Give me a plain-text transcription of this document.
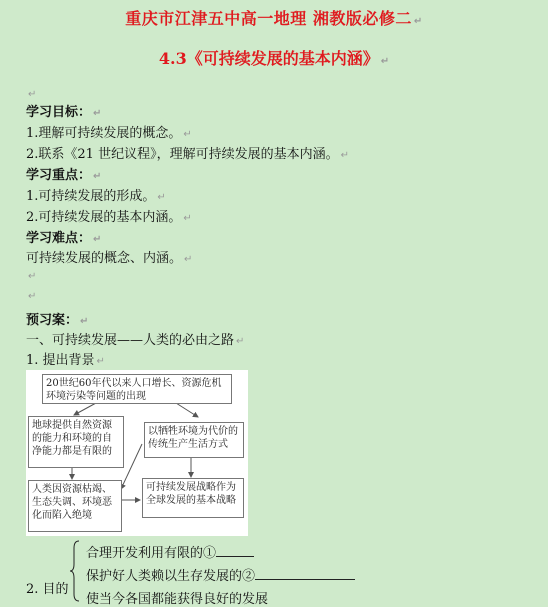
重庆市江津五中高一地理 湘教版必修二 ↵
4.3《可持续发展的基本内涵》 ↵
↵
学习目标： ↵
1.理解可持续发展的概念。 ↵
2.联系《21 世纪议程》，理解可持续发展的基本内涵。 ↵
学习重点： ↵
1.可持续发展的形成。 ↵
2.可持续发展的基本内涵。 ↵
学习难点： ↵
可持续发展的概念、内涵。 ↵
↵
↵
预习案： ↵
一、可持续发展——人类的必由之路 ↵
1. 提出背景 ↵
20世纪60年代以来人口增长、资源危机环境污染等问题的出现
地球提供自然资源的能力和环境的自净能力都是有限的
以牺牲环境为代价的传统生产生活方式
人类因资源枯竭、生态失调、环境恶化而陷入绝境
可持续发展战略作为全球发展的基本战略
2. 目的
合理开发利用有限的①
保护好人类赖以生存发展的②
使当今各国都能获得良好的发展
